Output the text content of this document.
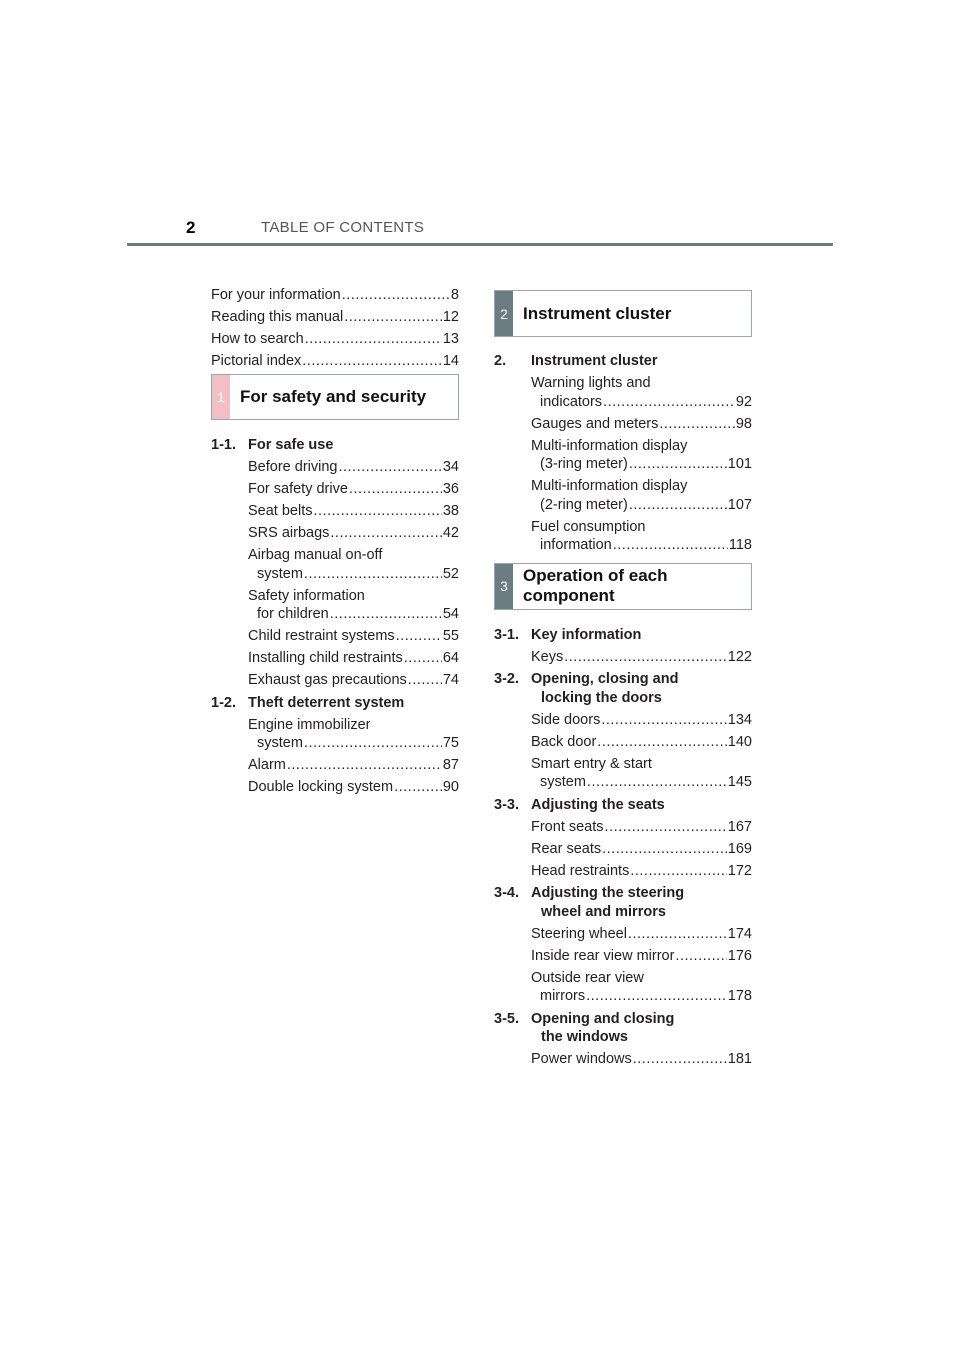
2	TABLE OF CONTENTS
For your information .....	8
Reading this manual .....	12
How to search .....	13
Pictorial index .....	14
1 For safety and security
1-1. For safe use
Before driving .....	34
For safety drive .....	36
Seat belts .....	38
SRS airbags .....	42
Airbag manual on-off
system .....	52
Safety information
for children .....	54
Child restraint systems .....	55
Installing child restraints .....	64
Exhaust gas precautions ..... 74
1-2. Theft deterrent system
Engine immobilizer
system .....	75
Alarm .....	87
Double locking system .....	90
2 Instrument cluster
2. Instrument cluster
Warning lights and
indicators .....	92
Gauges and meters .....	98
Multi-information display
(3-ring meter) .....	101
Multi-information display
(2-ring meter) .....	107
Fuel consumption
information .....	118
3
Operation of each
component
3-1. Key information
Keys .....	122
3-2. Opening, closing and
locking the doors
Side doors .....	134
Back door .....	140
Smart entry & start
system .....	145
3-3. Adjusting the seats
Front seats .....	167
Rear seats .....	169
Head restraints .....	172
3-4. Adjusting the steering
wheel and mirrors
Steering wheel .....	174
Inside rear view mirror .....	176
Outside rear view
mirrors .....	178
3-5. Opening and closing
the windows
Power windows .....	181
